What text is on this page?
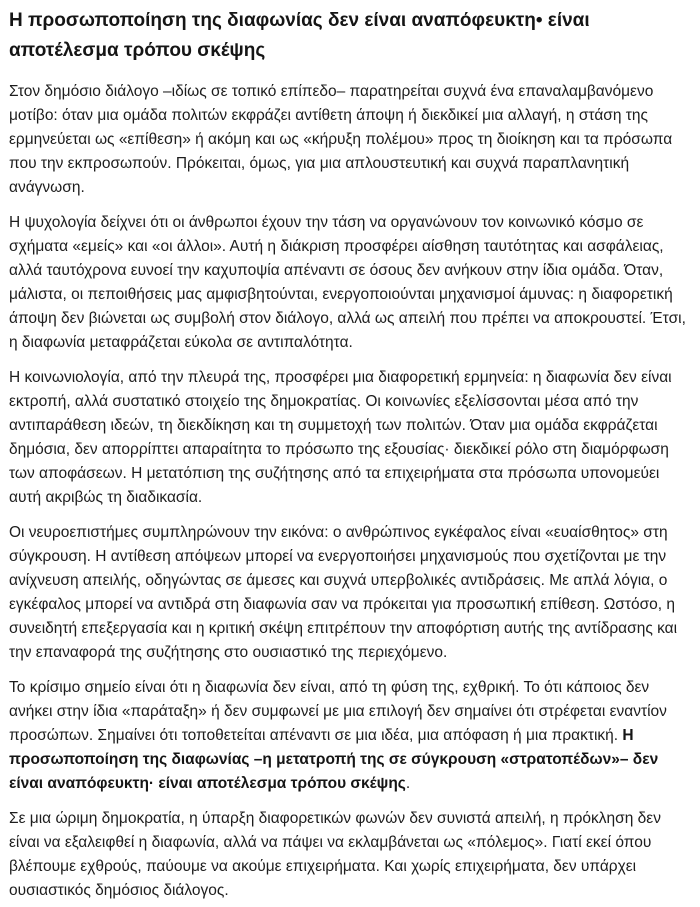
Η προσωποποίηση της διαφωνίας δεν είναι αναπόφευκτη• είναι αποτέλεσμα τρόπου σκέψης

Στον δημόσιο διάλογο –ιδίως σε τοπικό επίπεδο– παρατηρείται συχνά ένα επαναλαμβανόμενο μοτίβο: όταν μια ομάδα πολιτών εκφράζει αντίθετη άποψη ή διεκδικεί μια αλλαγή, η στάση της ερμηνεύεται ως «επίθεση» ή ακόμη και ως «κήρυξη πολέμου» προς τη διοίκηση και τα πρόσωπα που την εκπροσωπούν. Πρόκειται, όμως, για μια απλουστευτική και συχνά παραπλανητική ανάγνωση.

Η ψυχολογία δείχνει ότι οι άνθρωποι έχουν την τάση να οργανώνουν τον κοινωνικό κόσμο σε σχήματα «εμείς» και «οι άλλοι». Αυτή η διάκριση προσφέρει αίσθηση ταυτότητας και ασφάλειας, αλλά ταυτόχρονα ευνοεί την καχυποψία απέναντι σε όσους δεν ανήκουν στην ίδια ομάδα. Όταν, μάλιστα, οι πεποιθήσεις μας αμφισβητούνται, ενεργοποιούνται μηχανισμοί άμυνας: η διαφορετική άποψη δεν βιώνεται ως συμβολή στον διάλογο, αλλά ως απειλή που πρέπει να αποκρουστεί. Έτσι, η διαφωνία μεταφράζεται εύκολα σε αντιπαλότητα.

Η κοινωνιολογία, από την πλευρά της, προσφέρει μια διαφορετική ερμηνεία: η διαφωνία δεν είναι εκτροπή, αλλά συστατικό στοιχείο της δημοκρατίας. Οι κοινωνίες εξελίσσονται μέσα από την αντιπαράθεση ιδεών, τη διεκδίκηση και τη συμμετοχή των πολιτών. Όταν μια ομάδα εκφράζεται δημόσια, δεν απορρίπτει απαραίτητα το πρόσωπο της εξουσίας· διεκδικεί ρόλο στη διαμόρφωση των αποφάσεων. Η μετατόπιση της συζήτησης από τα επιχειρήματα στα πρόσωπα υπονομεύει αυτή ακριβώς τη διαδικασία.

Οι νευροεπιστήμες συμπληρώνουν την εικόνα: ο ανθρώπινος εγκέφαλος είναι «ευαίσθητος» στη σύγκρουση. Η αντίθεση απόψεων μπορεί να ενεργοποιήσει μηχανισμούς που σχετίζονται με την ανίχνευση απειλής, οδηγώντας σε άμεσες και συχνά υπερβολικές αντιδράσεις. Με απλά λόγια, ο εγκέφαλος μπορεί να αντιδρά στη διαφωνία σαν να πρόκειται για προσωπική επίθεση. Ωστόσο, η συνειδητή επεξεργασία και η κριτική σκέψη επιτρέπουν την αποφόρτιση αυτής της αντίδρασης και την επαναφορά της συζήτησης στο ουσιαστικό της περιεχόμενο.

Το κρίσιμο σημείο είναι ότι η διαφωνία δεν είναι, από τη φύση της, εχθρική. Το ότι κάποιος δεν ανήκει στην ίδια «παράταξη» ή δεν συμφωνεί με μια επιλογή δεν σημαίνει ότι στρέφεται εναντίον προσώπων. Σημαίνει ότι τοποθετείται απέναντι σε μια ιδέα, μια απόφαση ή μια πρακτική. Η προσωποποίηση της διαφωνίας –η μετατροπή της σε σύγκρουση «στρατοπέδων»– δεν είναι αναπόφευκτη· είναι αποτέλεσμα τρόπου σκέψης.

Σε μια ώριμη δημοκρατία, η ύπαρξη διαφορετικών φωνών δεν συνιστά απειλή, η πρόκληση δεν είναι να εξαλειφθεί η διαφωνία, αλλά να πάψει να εκλαμβάνεται ως «πόλεμος». Γιατί εκεί όπου βλέπουμε εχθρούς, παύουμε να ακούμε επιχειρήματα. Και χωρίς επιχειρήματα, δεν υπάρχει ουσιαστικός δημόσιος διάλογος.
